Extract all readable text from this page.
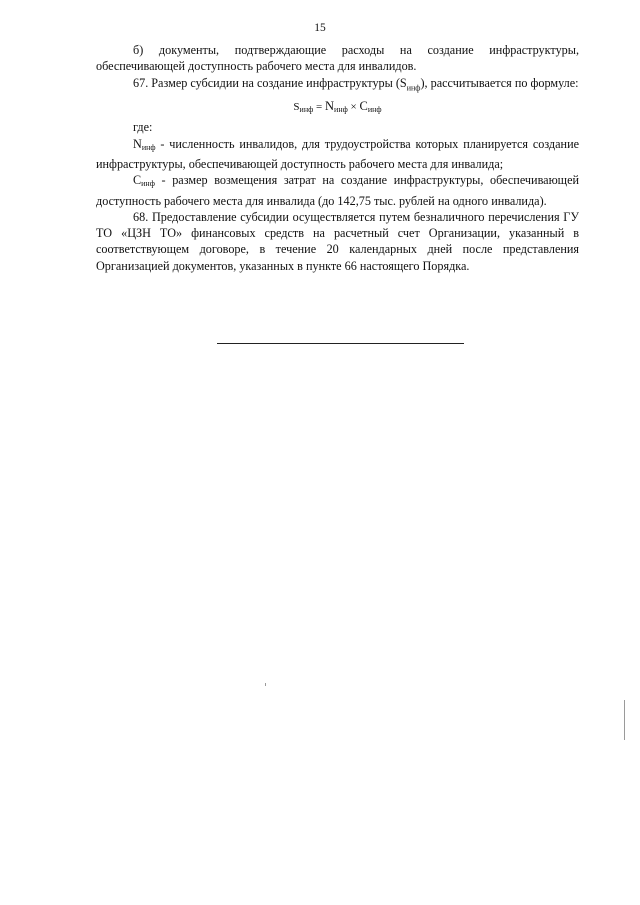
15

б) документы, подтверждающие расходы на создание инфраструктуры, обеспечивающей доступность рабочего места для инвалидов.

67. Размер субсидии на создание инфраструктуры $(S_{инф})$, рассчитывается по формуле:

$S_{инф} = N_{инф} \times C_{инф}$

где:

$N_{инф}$ - численность инвалидов, для трудоустройства которых планируется создание инфраструктуры, обеспечивающей доступность рабочего места для инвалида;

$С_{инф}$ - размер возмещения затрат на создание инфраструктуры, обеспечивающей доступность рабочего места для инвалида (до 142,75 тыс. рублей на одного инвалида).

68. Предоставление субсидии осуществляется путем безналичного перечисления ГУ ТО «ЦЗН ТО» финансовых средств на расчетный счет Организации, указанный в соответствующем договоре, в течение 20 календарных дней после представления Организацией документов, указанных в пункте 66 настоящего Порядка.
